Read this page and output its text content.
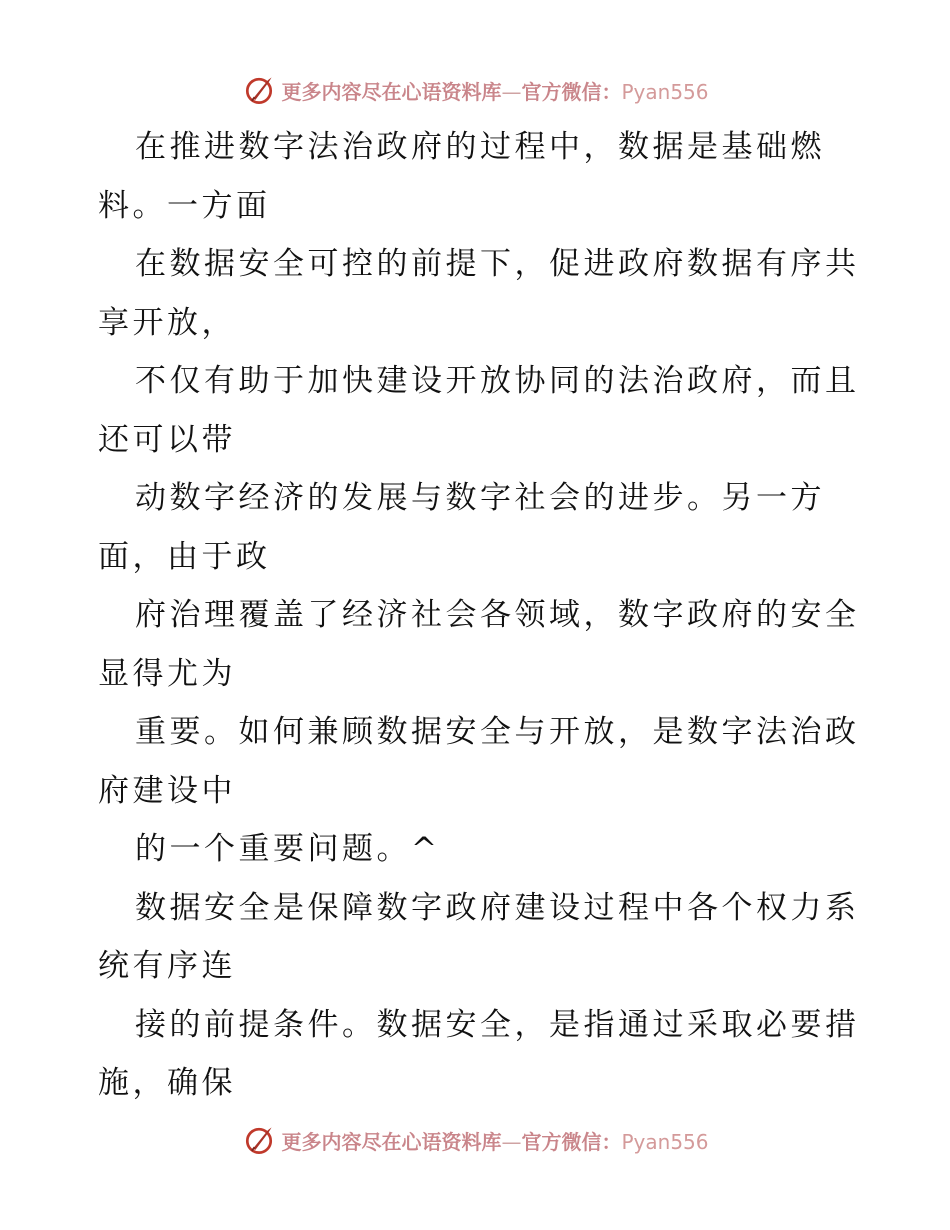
更多内容尽在心语资料库—官方微信：Pyan556
在推进数字法治政府的过程中，数据是基础燃
料。一方面
在数据安全可控的前提下，促进政府数据有序共
享开放，
不仅有助于加快建设开放协同的法治政府，而且
还可以带
动数字经济的发展与数字社会的进步。另一方
面，由于政
府治理覆盖了经济社会各领域，数字政府的安全
显得尤为
重要。如何兼顾数据安全与开放，是数字法治政
府建设中
的一个重要问题。^
数据安全是保障数字政府建设过程中各个权力系
统有序连
接的前提条件。数据安全，是指通过采取必要措
施，确保
更多内容尽在心语资料库—官方微信：Pyan556
